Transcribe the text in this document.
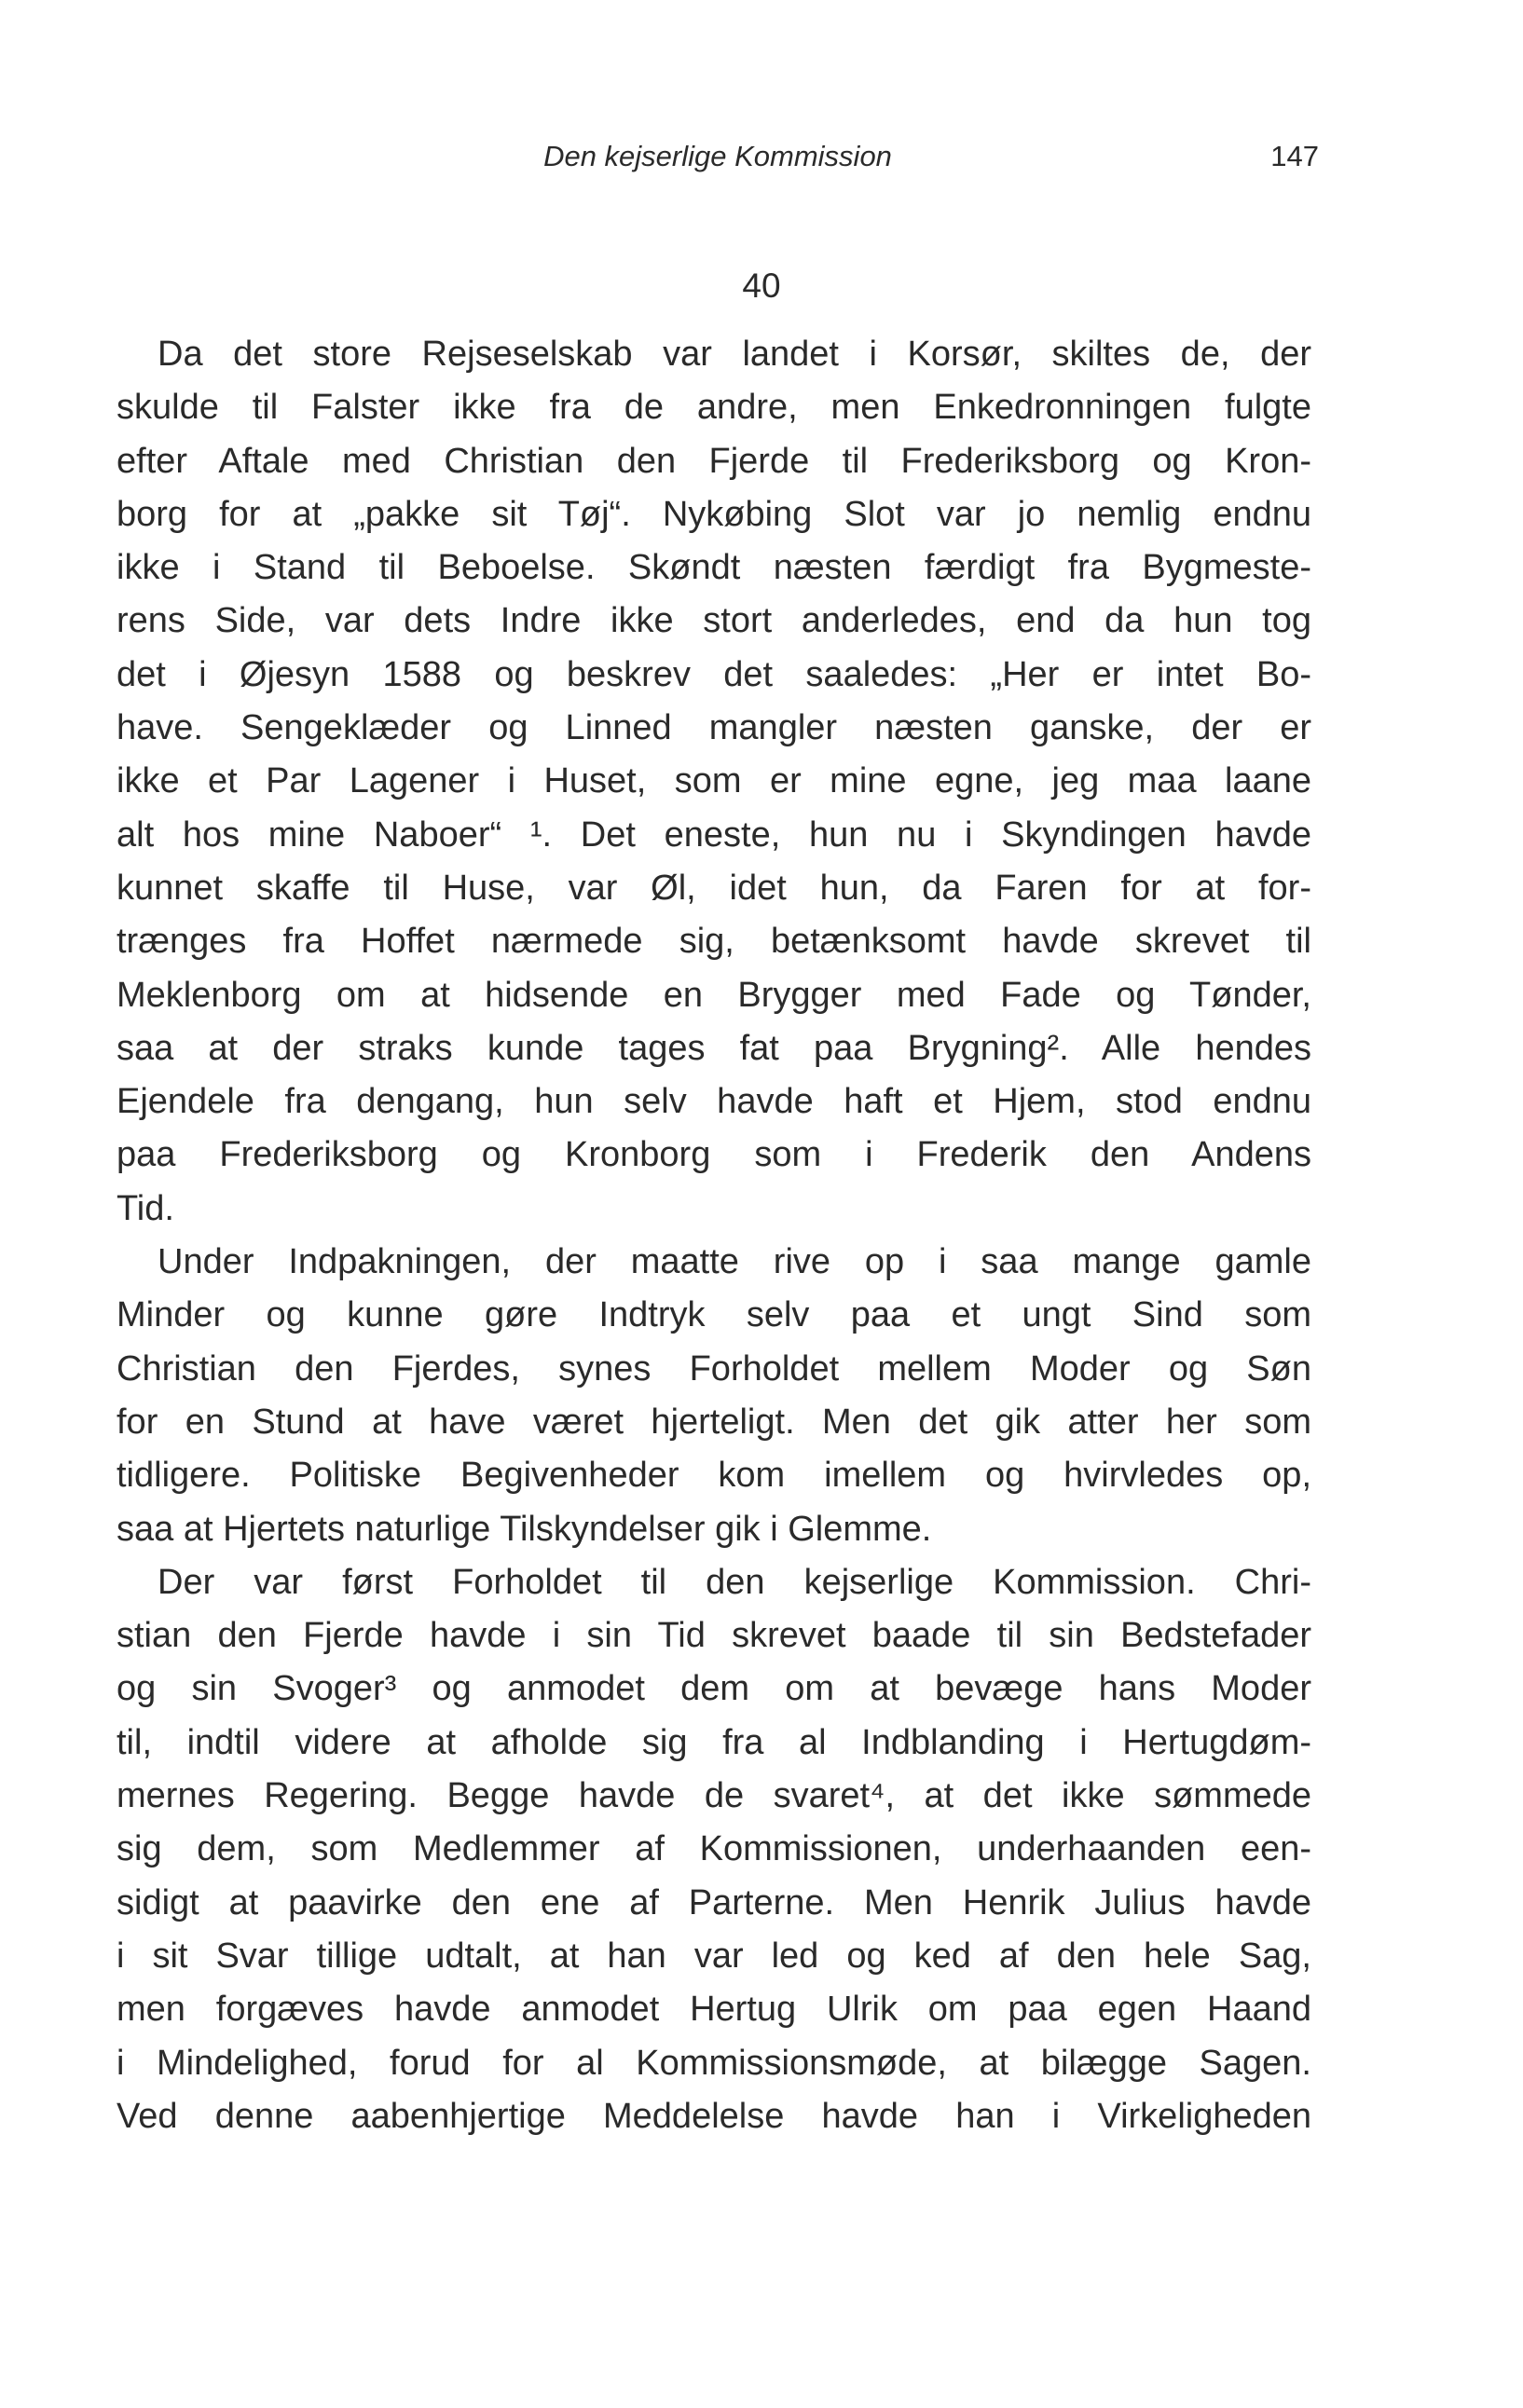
Den kejserlige Kommission	147
40
Da det store Rejseselskab var landet i Korsør, skiltes de, der
skulde til Falster ikke fra de andre, men Enkedronningen fulgte
efter Aftale med Christian den Fjerde til Frederiksborg og Kron-
borg for at „pakke sit Tøj“. Nykøbing Slot var jo nemlig endnu
ikke i Stand til Beboelse. Skøndt næsten færdigt fra Bygmeste-
rens Side, var dets Indre ikke stort anderledes, end da hun tog
det i Øjesyn 1588 og beskrev det saaledes: „Her er intet Bo-
have. Sengeklæder og Linned mangler næsten ganske, der er
ikke et Par Lagener i Huset, som er mine egne, jeg maa laane
alt hos mine Naboer“ ¹. Det eneste, hun nu i Skyndingen havde
kunnet skaffe til Huse, var Øl, idet hun, da Faren for at for-
trænges fra Hoffet nærmede sig, betænksomt havde skrevet til
Meklenborg om at hidsende en Brygger med Fade og Tønder,
saa at der straks kunde tages fat paa Brygning². Alle hendes
Ejendele fra dengang, hun selv havde haft et Hjem, stod endnu
paa Frederiksborg og Kronborg som i Frederik den Andens
Tid.
Under Indpakningen, der maatte rive op i saa mange gamle
Minder og kunne gøre Indtryk selv paa et ungt Sind som
Christian den Fjerdes, synes Forholdet mellem Moder og Søn
for en Stund at have været hjerteligt. Men det gik atter her som
tidligere. Politiske Begivenheder kom imellem og hvirvledes op,
saa at Hjertets naturlige Tilskyndelser gik i Glemme.
Der var først Forholdet til den kejserlige Kommission. Chri-
stian den Fjerde havde i sin Tid skrevet baade til sin Bedstefader
og sin Svoger³ og anmodet dem om at bevæge hans Moder
til, indtil videre at afholde sig fra al Indblanding i Hertugdøm-
mernes Regering. Begge havde de svaret⁴, at det ikke sømmede
sig dem, som Medlemmer af Kommissionen, underhaanden een-
sidigt at paavirke den ene af Parterne. Men Henrik Julius havde
i sit Svar tillige udtalt, at han var led og ked af den hele Sag,
men forgæves havde anmodet Hertug Ulrik om paa egen Haand
i Mindelighed, forud for al Kommissionsmøde, at bilægge Sagen.
Ved denne aabenhjertige Meddelelse havde han i Virkeligheden
